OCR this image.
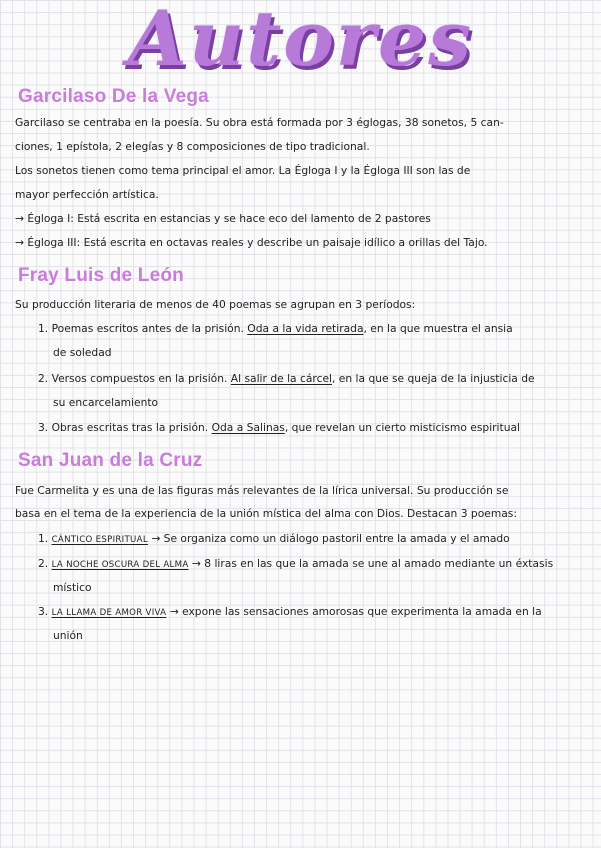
Autores
Garcilaso De la Vega
Garcilaso se centraba en la poesía. Su obra está formada por 3 églogas, 38 sonetos, 5 can-
ciones, 1 epístola, 2 elegías y 8 composiciones de tipo tradicional.
Los sonetos tienen como tema principal el amor. La Égloga I y la Égloga III son las de
mayor perfección artística.
→ Égloga I: Está escrita en estancias y se hace eco del lamento de 2 pastores
→ Égloga III: Está escrita en octavas reales y describe un paisaje idílico a orillas del Tajo.
Fray Luis de León
Su producción literaria de menos de 40 poemas se agrupan en 3 períodos:
1. Poemas escritos antes de la prisión. Oda a la vida retirada, en la que muestra el ansia
de soledad
2. Versos compuestos en la prisión. Al salir de la cárcel, en la que se queja de la injusticia de
su encarcelamiento
3. Obras escritas tras la prisión. Oda a Salinas, que revelan un cierto misticismo espiritual
San Juan de la Cruz
Fue Carmelita y es una de las figuras más relevantes de la lírica universal. Su producción se
basa en el tema de la experiencia de la unión mística del alma con Dios. Destacan 3 poemas:
1. CÁNTICO ESPIRITUAL → Se organiza como un diálogo pastoril entre la amada y el amado
2. LA NOCHE OSCURA DEL ALMA → 8 liras en las que la amada se une al amado mediante un éxtasis
místico
3. LA LLAMA DE AMOR VIVA → expone las sensaciones amorosas que experimenta la amada en la
unión
